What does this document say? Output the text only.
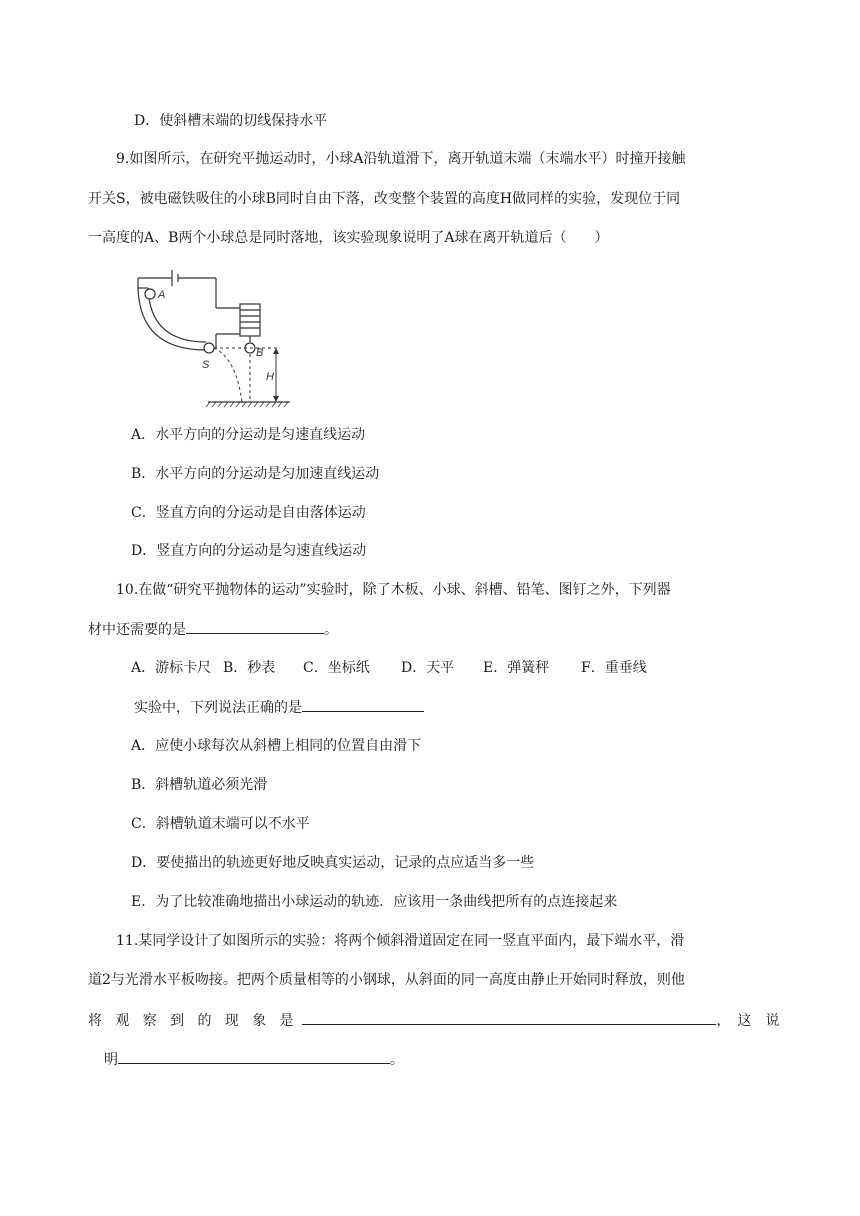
D．使斜槽末端的切线保持水平
9.如图所示，在研究平抛运动时，小球A沿轨道滑下，离开轨道末端（末端水平）时撞开接触
开关S，被电磁铁吸住的小球B同时自由下落，改变整个装置的高度H做同样的实验，发现位于同
一高度的A、B两个小球总是同时落地，该实验现象说明了A球在离开轨道后（　　）
A
B
S
H
A．水平方向的分运动是匀速直线运动
B．水平方向的分运动是匀加速直线运动
C．竖直方向的分运动是自由落体运动
D．竖直方向的分运动是匀速直线运动
10.在做“研究平抛物体的运动”实验时，除了木板、小球、斜槽、铅笔、图钉之外，下列器
材中还需要的是	。
A．游标卡尺 B．秒表 C．坐标纸 D．天平 E．弹簧秤 F．重垂线
实验中，下列说法正确的是
A．应使小球每次从斜槽上相同的位置自由滑下
B．斜槽轨道必须光滑
C．斜槽轨道末端可以不水平
D．要使描出的轨迹更好地反映真实运动，记录的点应适当多一些
E．为了比较准确地描出小球运动的轨迹．应该用一条曲线把所有的点连接起来
11.某同学设计了如图所示的实验：将两个倾斜滑道固定在同一竖直平面内，最下端水平，滑
道2与光滑水平板吻接。把两个质量相等的小钢球，从斜面的同一高度由静止开始同时释放，则他
将 观 察 到 的 现 象 是	，　这　说
明	。
